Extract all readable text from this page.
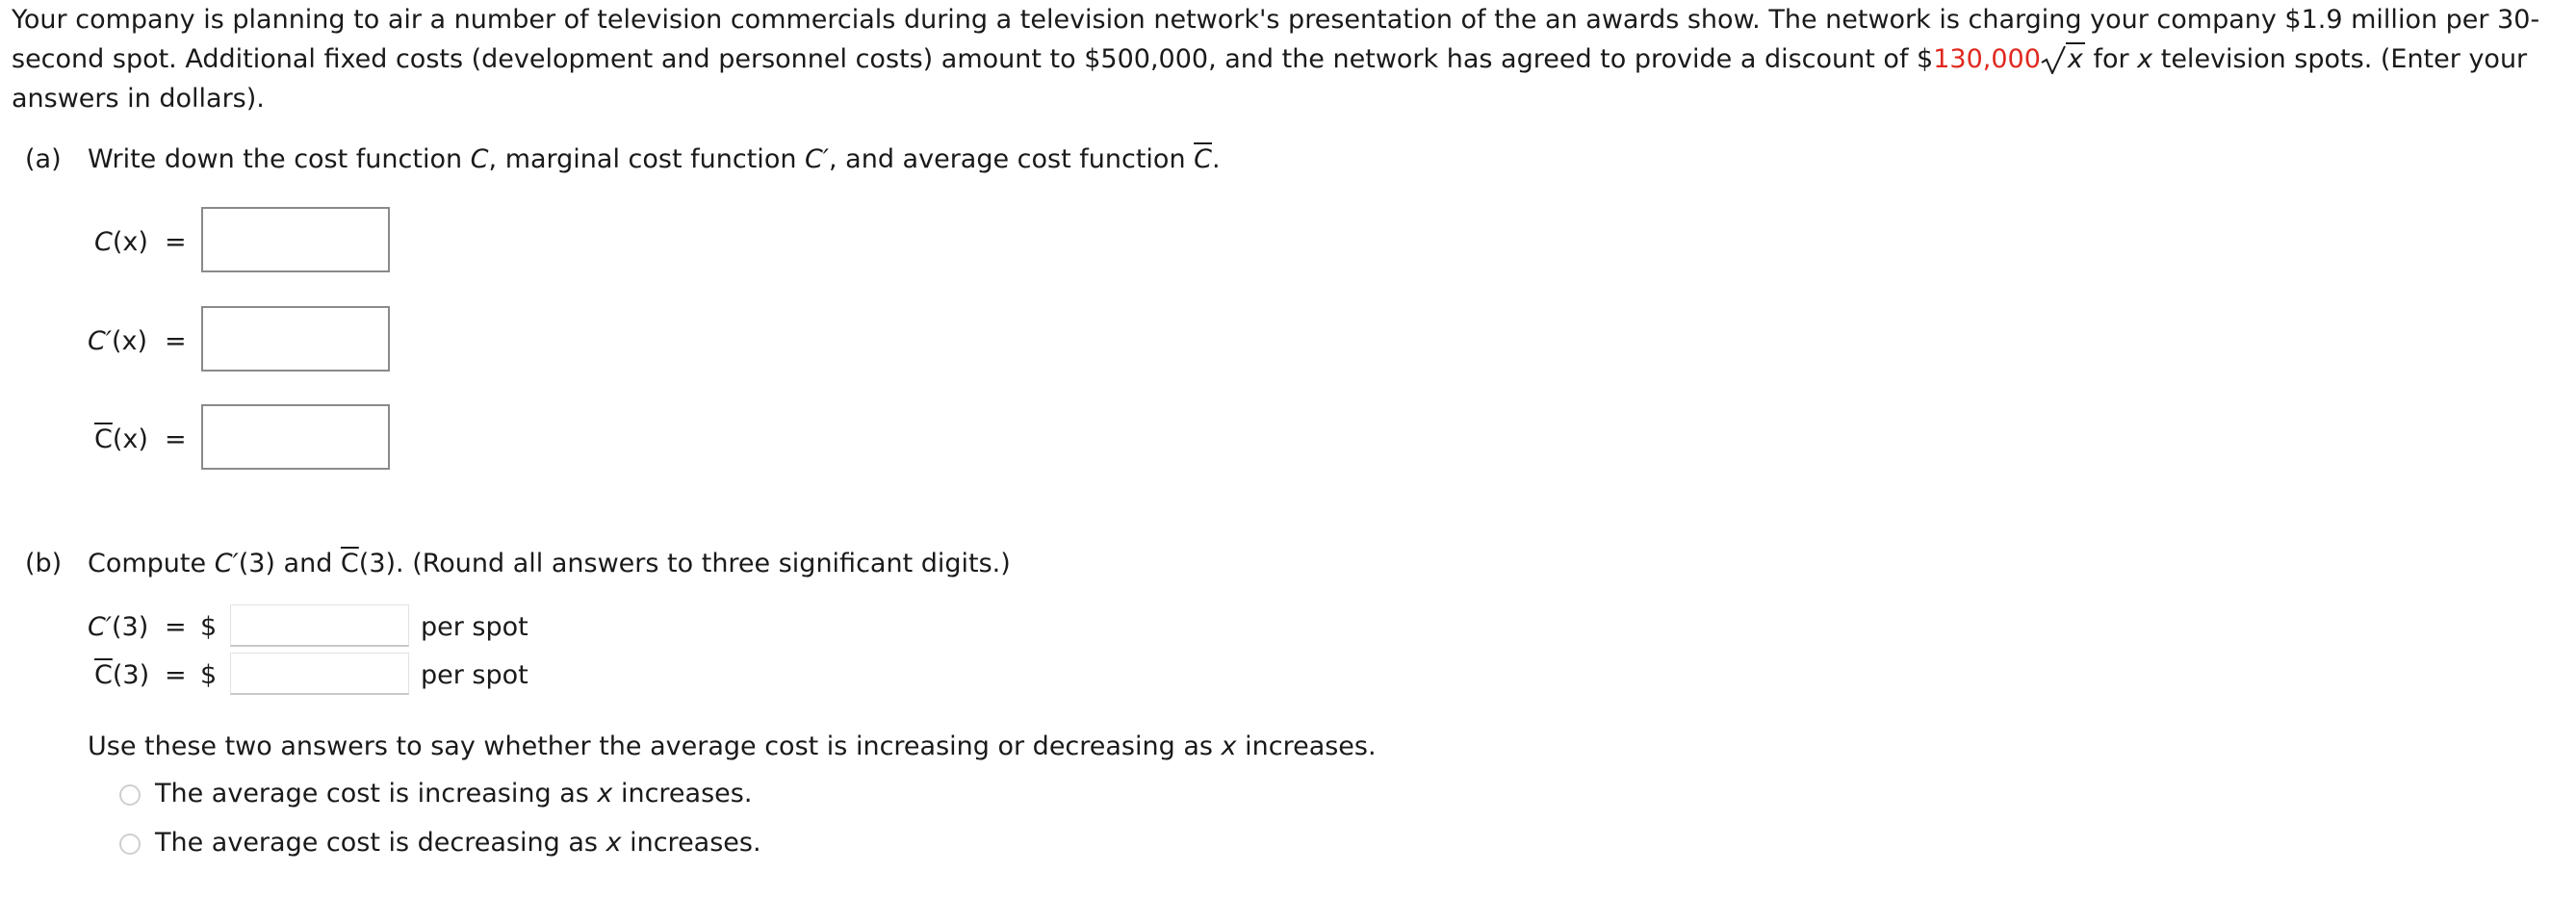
Your company is planning to air a number of television commercials during a television network's presentation of the an awards show. The network is charging your company $1.9 million per 30-second spot. Additional fixed costs (development and personnel costs) amount to $500,000, and the network has agreed to provide a discount of $130,000 x for x television spots. (Enter your answers in dollars).

(a) Write down the cost function C, marginal cost function C′, and average cost function $\overline{C}$.
C(x) =
C′(x) =
$\overline{C}(x)$ =
(b) Compute C′(3) and $\overline{C}(3)$. (Round all answers to three significant digits.)
C′(3) = $	per spot
$\overline{C}(3)$ = $	per spot
Use these two answers to say whether the average cost is increasing or decreasing as x increases.
The average cost is increasing as x increases.
The average cost is decreasing as x increases.
